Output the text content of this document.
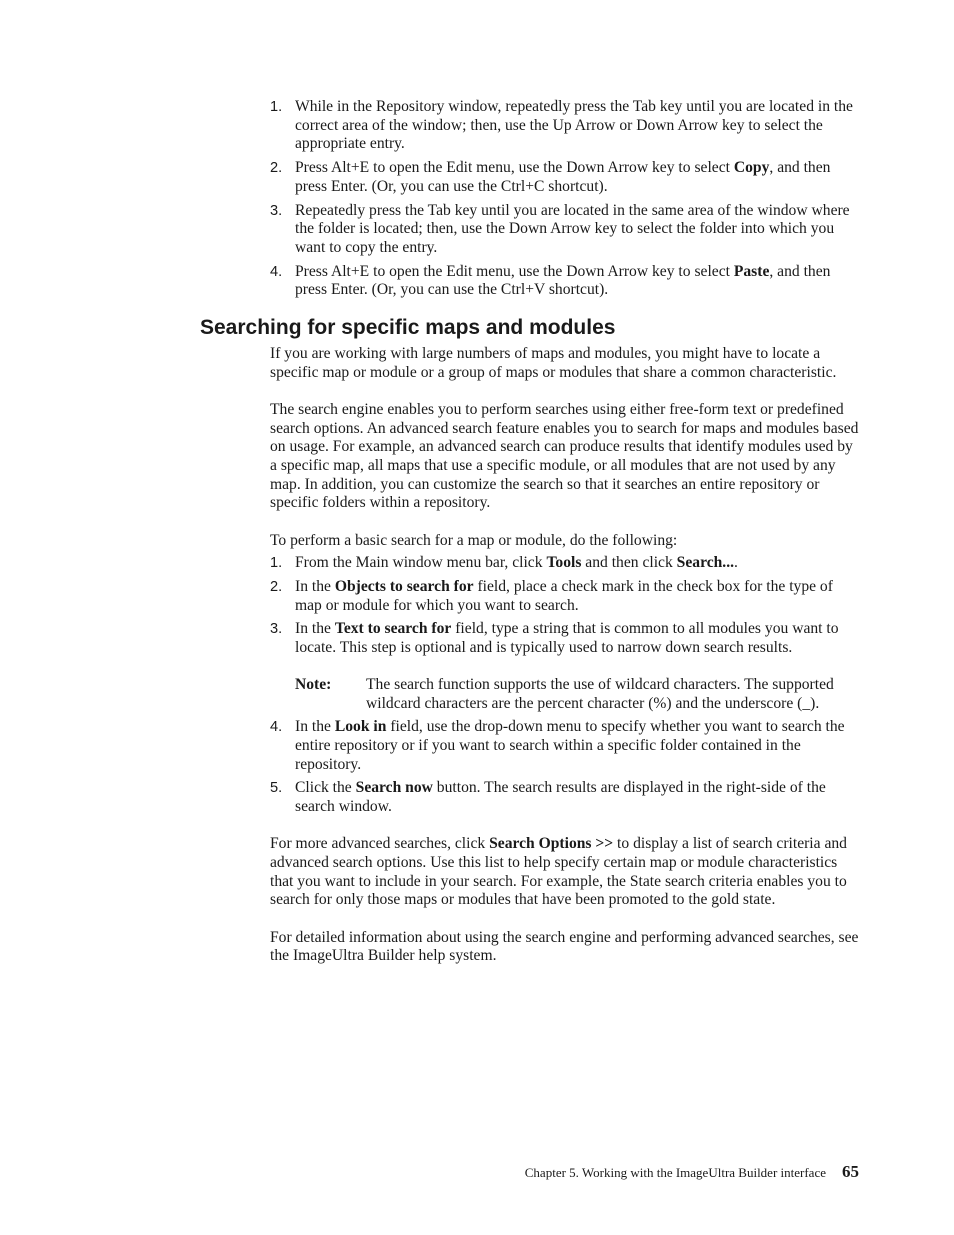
1. While in the Repository window, repeatedly press the Tab key until you are located in the correct area of the window; then, use the Up Arrow or Down Arrow key to select the appropriate entry.
2. Press Alt+E to open the Edit menu, use the Down Arrow key to select Copy, and then press Enter. (Or, you can use the Ctrl+C shortcut).
3. Repeatedly press the Tab key until you are located in the same area of the window where the folder is located; then, use the Down Arrow key to select the folder into which you want to copy the entry.
4. Press Alt+E to open the Edit menu, use the Down Arrow key to select Paste, and then press Enter. (Or, you can use the Ctrl+V shortcut).
Searching for specific maps and modules

If you are working with large numbers of maps and modules, you might have to locate a specific map or module or a group of maps or modules that share a common characteristic.

The search engine enables you to perform searches using either free-form text or predefined search options. An advanced search feature enables you to search for maps and modules based on usage. For example, an advanced search can produce results that identify modules used by a specific map, all maps that use a specific module, or all modules that are not used by any map. In addition, you can customize the search so that it searches an entire repository or specific folders within a repository.

To perform a basic search for a map or module, do the following:

1. From the Main window menu bar, click Tools and then click Search....
2. In the Objects to search for field, place a check mark in the check box for the type of map or module for which you want to search.
3. In the Text to search for field, type a string that is common to all modules you want to locate. This step is optional and is typically used to narrow down search results.
Note: The search function supports the use of wildcard characters. The supported wildcard characters are the percent character (%) and the underscore (_).
4. In the Look in field, use the drop-down menu to specify whether you want to search the entire repository or if you want to search within a specific folder contained in the repository.
5. Click the Search now button. The search results are displayed in the right-side of the search window.

For more advanced searches, click Search Options >> to display a list of search criteria and advanced search options. Use this list to help specify certain map or module characteristics that you want to include in your search. For example, the State search criteria enables you to search for only those maps or modules that have been promoted to the gold state.

For detailed information about using the search engine and performing advanced searches, see the ImageUltra Builder help system.

Chapter 5. Working with the ImageUltra Builder interface 65
